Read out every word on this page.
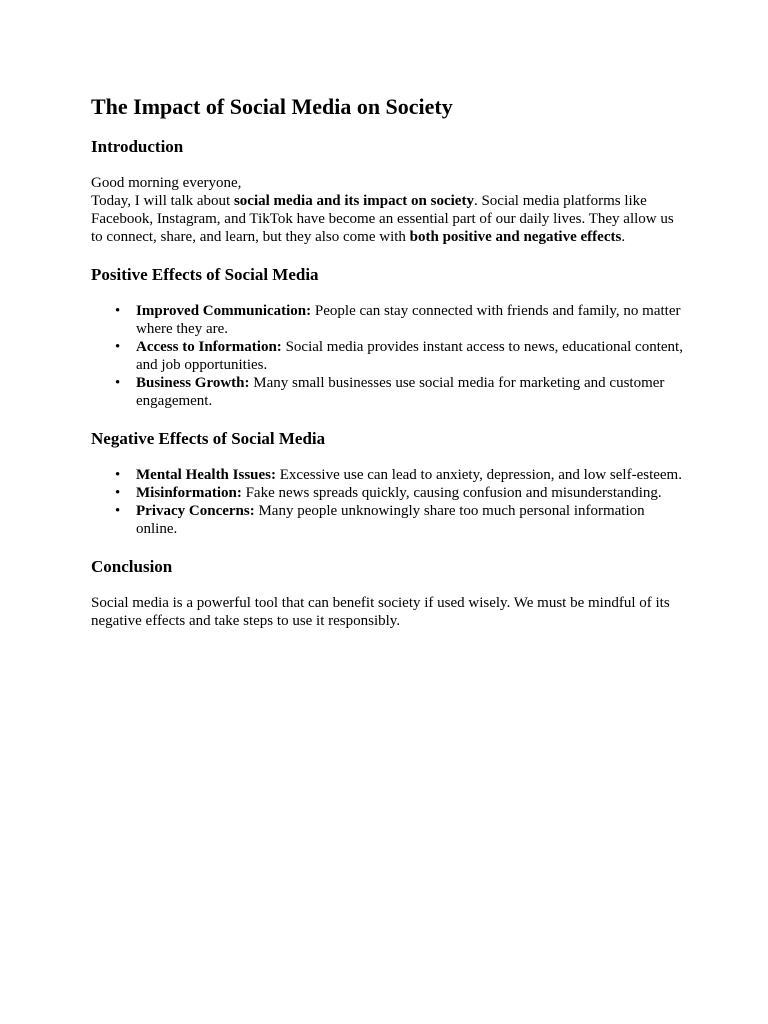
The Impact of Social Media on Society
Introduction

Good morning everyone,
Today, I will talk about social media and its impact on society. Social media platforms like Facebook, Instagram, and TikTok have become an essential part of our daily lives. They allow us to connect, share, and learn, but they also come with both positive and negative effects.

Positive Effects of Social Media
• Improved Communication: People can stay connected with friends and family, no matter where they are.
• Access to Information: Social media provides instant access to news, educational content, and job opportunities.
• Business Growth: Many small businesses use social media for marketing and customer engagement.
Negative Effects of Social Media
• Mental Health Issues: Excessive use can lead to anxiety, depression, and low self-esteem.
• Misinformation: Fake news spreads quickly, causing confusion and misunderstanding.
• Privacy Concerns: Many people unknowingly share too much personal information online.
Conclusion

Social media is a powerful tool that can benefit society if used wisely. We must be mindful of its negative effects and take steps to use it responsibly.
